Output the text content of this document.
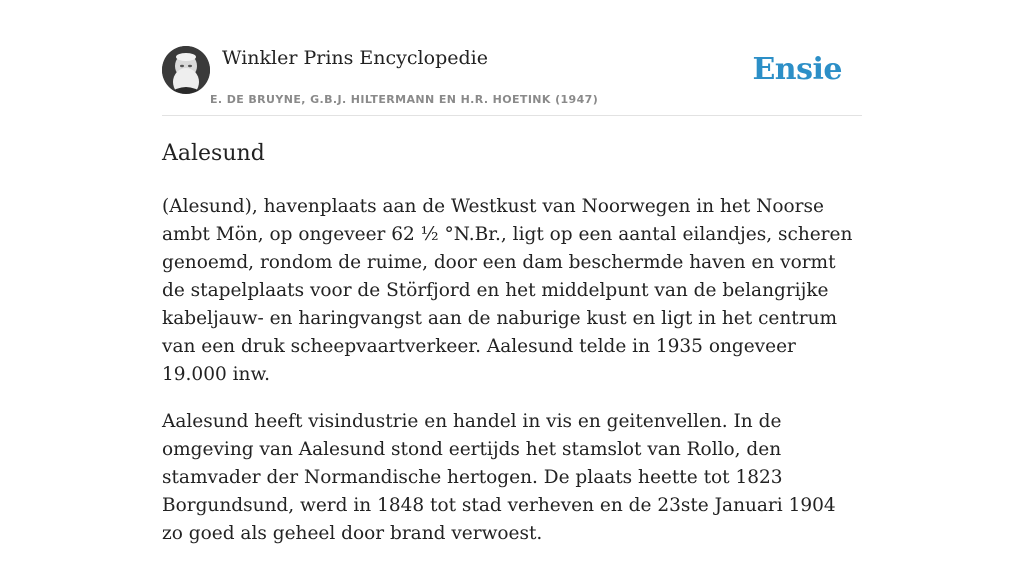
Winkler Prins Encyclopedie
E. DE BRUYNE, G.B.J. HILTERMANN EN H.R. HOETINK (1947)
Ensie
Aalesund

(Alesund), havenplaats aan de Westkust van Noorwegen in het Noorse ambt Mön, op ongeveer 62 ½ °N.Br., ligt op een aantal eilandjes, scheren genoemd, rondom de ruime, door een dam beschermde haven en vormt de stapelplaats voor de Störfjord en het middelpunt van de belangrijke kabeljauw- en haringvangst aan de naburige kust en ligt in het centrum van een druk scheepvaartverkeer. Aalesund telde in 1935 ongeveer 19.000 inw.

Aalesund heeft visindustrie en handel in vis en geitenvellen. In de omgeving van Aalesund stond eertijds het stamslot van Rollo, den stamvader der Normandische hertogen. De plaats heette tot 1823 Borgundsund, werd in 1848 tot stad verheven en de 23ste Januari 1904 zo goed als geheel door brand verwoest.
